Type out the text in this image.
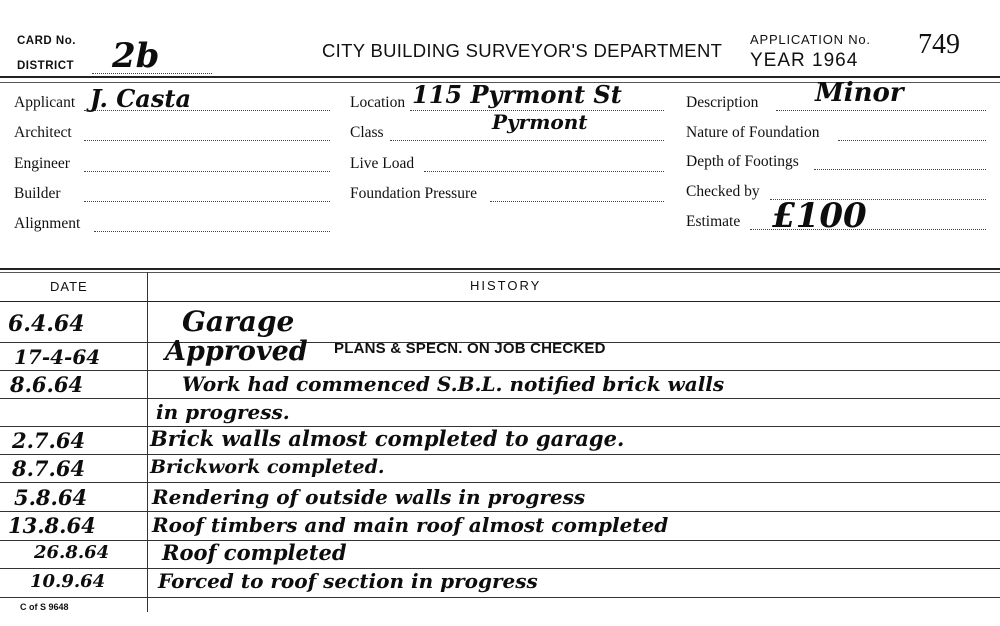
CARD No.
DISTRICT 2b	CITY BUILDING SURVEYOR'S DEPARTMENT
APPLICATION No.
YEAR 1964
749
Applicant J. Casta
Architect
Engineer
Builder
Alignment
Location 115 Pyrmont St
Class	Pyrmont
Live Load
Foundation Pressure
Description Minor
Nature of Foundation
Depth of Footings
Checked by
Estimate £100
DATE	HISTORY
6.4.64	Garage
17-4-64 Approved PLANS & SPECN. ON JOB CHECKED
8.6.64	Work had commenced S.B.L. notified brick walls
in progress.
2.7.64	Brick walls almost completed to garage.
8.7.64	Brickwork completed.
5.8.64	Rendering of outside walls in progress
13.8.64	Roof timbers and main roof almost completed
26.8.64	Roof completed
10.9.64	Forced to roof section in progress
C of S 9648
